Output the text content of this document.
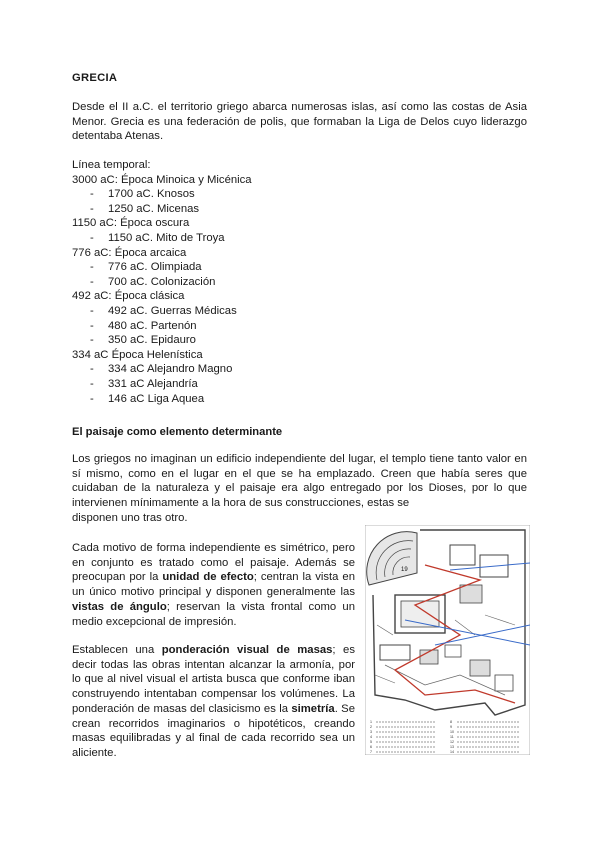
GRECIA
Desde el II a.C. el territorio griego abarca numerosas islas, así como las costas de Asia Menor. Grecia es una federación de polis, que formaban la Liga de Delos cuyo liderazgo detentaba Atenas.
Línea temporal:
3000 aC: Época Minoica y Micénica
- 1700 aC. Knosos
- 1250 aC. Micenas
1150 aC: Época oscura
- 1150 aC. Mito de Troya
776 aC: Época arcaica
- 776 aC. Olimpiada
- 700 aC. Colonización
492 aC: Época clásica
- 492 aC. Guerras Médicas
- 480 aC. Partenón
- 350 aC. Epidauro
334 aC Época Helenística
- 334 aC Alejandro Magno
- 331 aC Alejandría
- 146 aC Liga Aquea
El paisaje como elemento determinante
Los griegos no imaginan un edificio independiente del lugar, el templo tiene tanto valor en sí mismo, como en el lugar en el que se ha emplazado. Creen que había seres que cuidaban de la naturaleza y el paisaje era algo entregado por los Dioses, por lo que intervienen mínimamente a la hora de sus construcciones, estas se
disponen uno tras otro.
Cada motivo de forma independiente es simétrico, pero en conjunto es tratado como el paisaje. Además se preocupan por la unidad de efecto; centran la vista en un único motivo principal y disponen generalmente las vistas de ángulo; reservan la vista frontal como un medio excepcional de impresión.
Establecen una ponderación visual de masas; es decir todas las obras intentan alcanzar la armonía, por lo que al nivel visual el artista busca que conforme iban construyendo intentaban compensar los volúmenes. La ponderación de masas del clasicismo es la simetría. Se crean recorridos imaginarios o hipotéticos, creando masas equilibradas y al final de cada recorrido sea un aliciente.
19
1
2
3
4
5
6
7
8
9
10
11
12
13
14
